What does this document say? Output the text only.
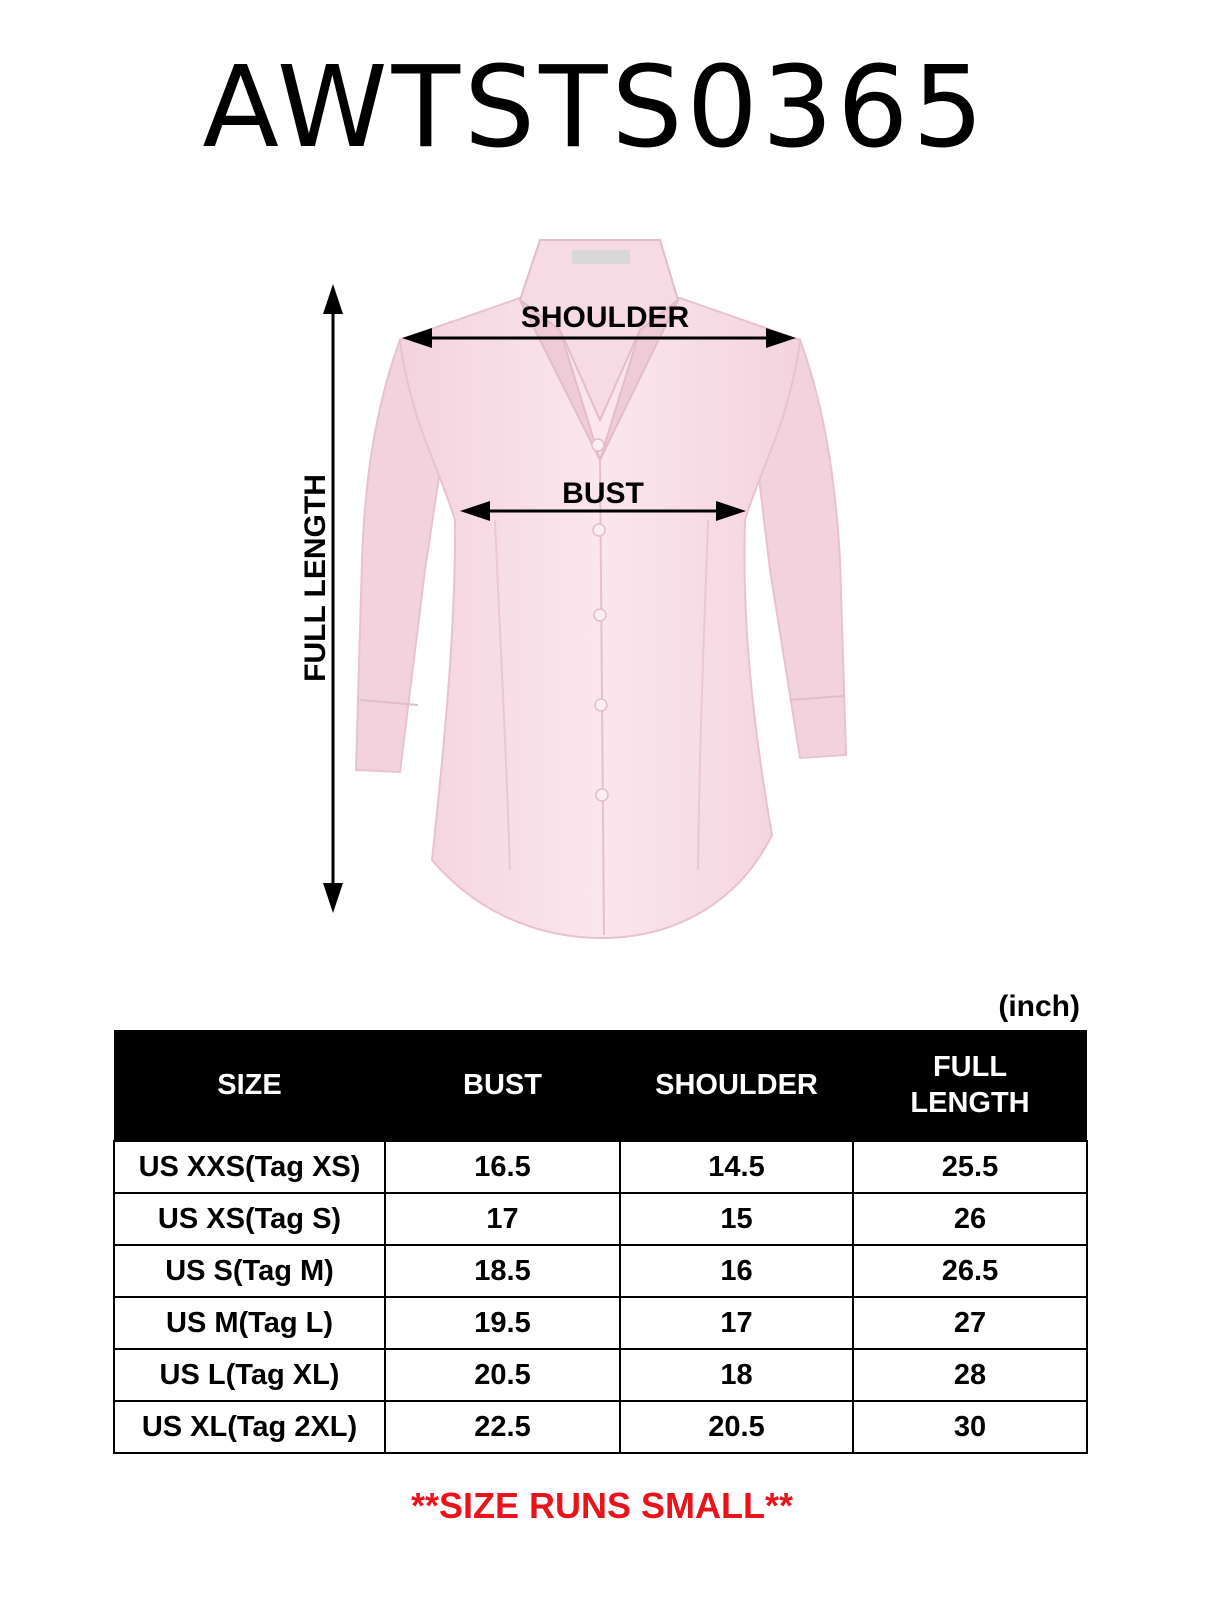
AWTSTS0365
SHOULDER
BUST
FULL LENGTH
(inch)
SIZE	BUST	SHOULDER	FULL
LENGTH

US XXS(Tag XS)	16.5	14.5	25.5
US XS(Tag S)	17	15	26
US S(Tag M)	18.5	16	26.5
US M(Tag L)	19.5	17	27
US L(Tag XL)	20.5	18	28
US XL(Tag 2XL)	22.5	20.5	30
**SIZE RUNS SMALL**
